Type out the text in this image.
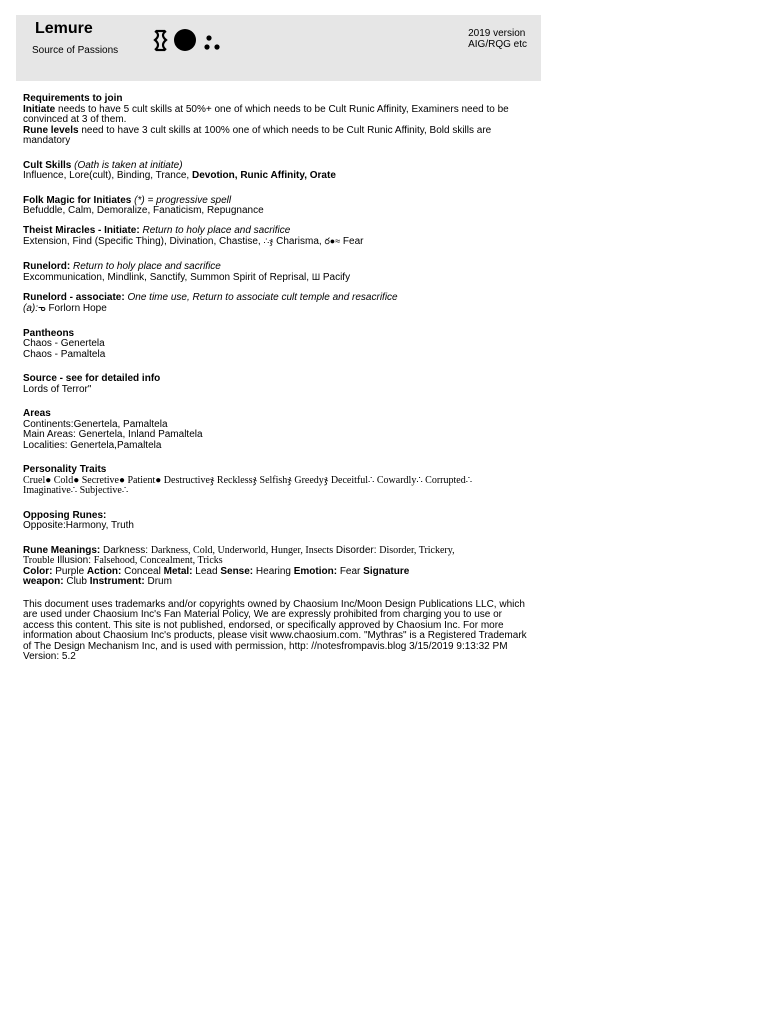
Lemure
Source of Passions
2019 version
AIG/RQG etc
Requirements to join
Initiate needs to have 5 cult skills at 50%+ one of which needs to be Cult Runic Affinity, Examiners need to be convinced at 3 of them.
Rune levels need to have 3 cult skills at 100% one of which needs to be Cult Runic Affinity, Bold skills are mandatory
Cult Skills (Oath is taken at initiate)
Influence, Lore(cult), Binding, Trance, Devotion, Runic Affinity, Orate
Folk Magic for Initiates (*) = progressive spell
Befuddle, Calm, Demoralize, Fanaticism, Repugnance
Theist Miracles - Initiate: Return to holy place and sacrifice
Extension, Find (Specific Thing), Divination, Chastise, ∴ჯ Charisma, ర●≈ Fear
Runelord: Return to holy place and sacrifice
Excommunication, Mindlink, Sanctify, Summon Spirit of Reprisal, Ш Pacify
Runelord - associate: One time use, Return to associate cult temple and resacrifice
(a):ᓀ Forlorn Hope
Pantheons
Chaos - Genertela
Chaos - Pamaltela
Source - see for detailed info
Lords of Terror"
Areas
Continents:Genertela, Pamaltela
Main Areas: Genertela, Inland Pamaltela
Localities: Genertela,Pamaltela
Personality Traits
Cruel● Cold● Secretive● Patient● Destructiveჯ Recklessჯ Selfishჯ Greedyჯ Deceitful∴ Cowardly∴ Corrupted∴
Imaginative∴ Subjective∴
Opposing Runes:
Opposite:Harmony, Truth
Rune Meanings: Darkness: Darkness, Cold, Underworld, Hunger, Insects Disorder: Disorder, Trickery,
Trouble Illusion: Falsehood, Concealment, Tricks
Color: Purple Action: Conceal Metal: Lead Sense: Hearing Emotion: Fear Signature
weapon: Club Instrument: Drum
This document uses trademarks and/or copyrights owned by Chaosium Inc/Moon Design Publications LLC, which are used under Chaosium Inc's Fan Material Policy, We are expressly prohibited from charging you to use or access this content. This site is not published, endorsed, or specifically approved by Chaosium Inc. For more information about Chaosium Inc's products, please visit www.chaosium.com. "Mythras" is a Registered Trademark of The Design Mechanism Inc, and is used with permission, http: //notesfrompavis.blog 3/15/2019 9:13:32 PM Version: 5.2
